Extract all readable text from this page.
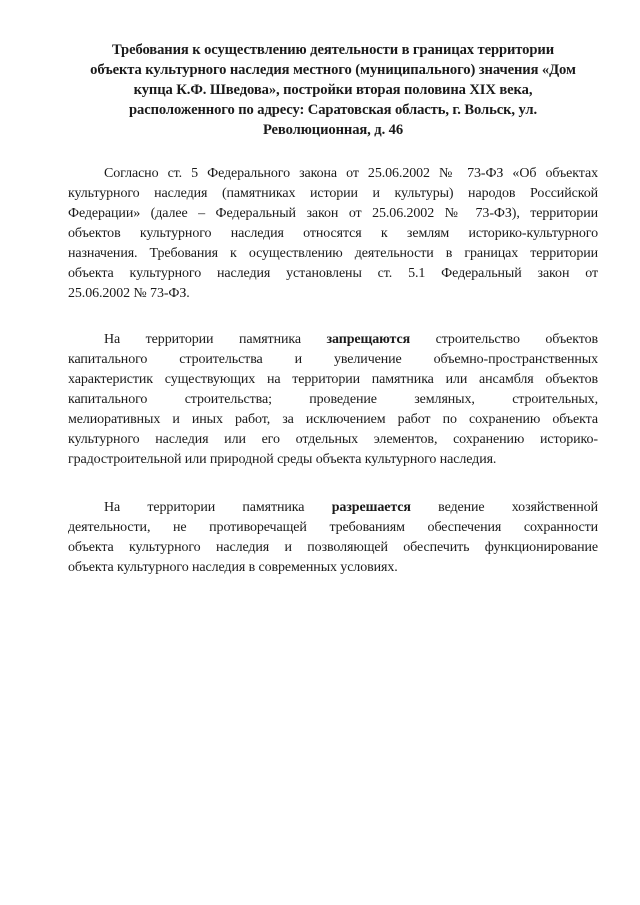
Требования к осуществлению деятельности в границах территории
объекта культурного наследия местного (муниципального) значения «Дом
купца К.Ф. Шведова», постройки вторая половина XIX века,
расположенного по адресу: Саратовская область, г. Вольск, ул.
Революционная, д. 46
Согласно ст. 5 Федерального закона от 25.06.2002 № 73-ФЗ «Об объектах
культурного наследия (памятниках истории и культуры) народов Российской
Федерации» (далее – Федеральный закон от 25.06.2002 № 73-ФЗ), территории
объектов культурного наследия относятся к землям историко-культурного
назначения. Требования к осуществлению деятельности в границах территории
объекта культурного наследия установлены ст. 5.1 Федеральный закон от
25.06.2002 № 73-ФЗ.
На территории памятника запрещаются строительство объектов
капитального строительства и увеличение объемно-пространственных
характеристик существующих на территории памятника или ансамбля объектов
капитального строительства; проведение земляных, строительных,
мелиоративных и иных работ, за исключением работ по сохранению объекта
культурного наследия или его отдельных элементов, сохранению историко-
градостроительной или природной среды объекта культурного наследия.
На территории памятника разрешается ведение хозяйственной
деятельности, не противоречащей требованиям обеспечения сохранности
объекта культурного наследия и позволяющей обеспечить функционирование
объекта культурного наследия в современных условиях.
